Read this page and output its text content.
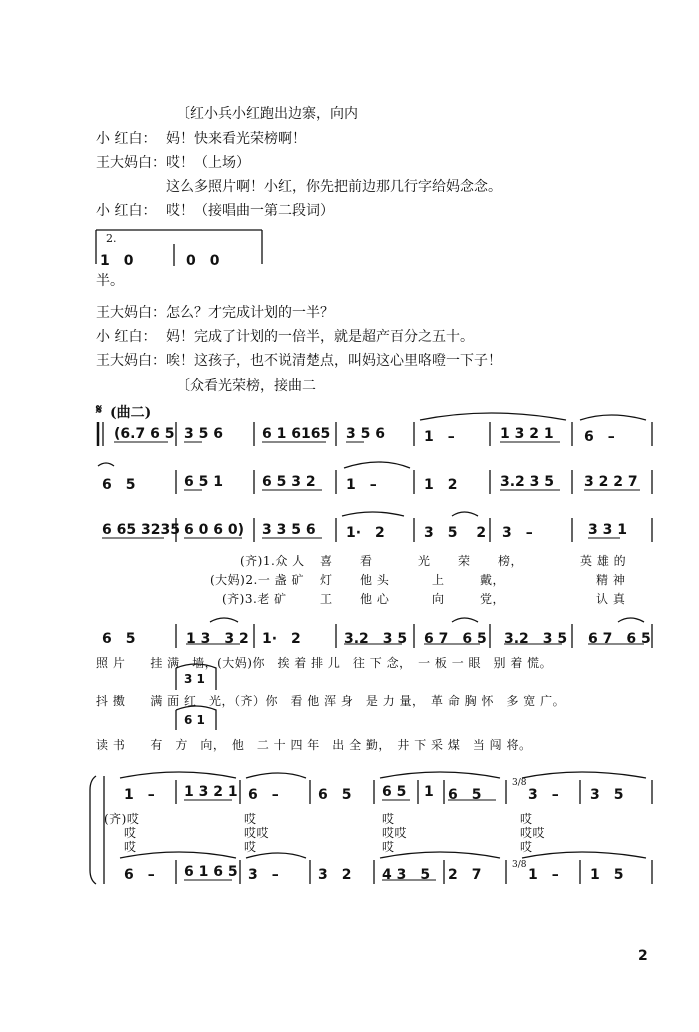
〔红小兵小红跑出边寨，向内
小 红白： 妈！快来看光荣榜啊！
王大妈白： 哎！（上场）
这么多照片啊！小红，你先把前边那几行字给妈念念。
小 红白： 哎！（接唱曲一第二段词）
2.
1　0	0　0
半。
王大妈白： 怎么？才完成计划的一半？
小 红白： 妈！完成了计划的一倍半，就是超产百分之五十。
王大妈白： 唉！这孩子，也不说清楚点，叫妈这心里咯噔一下子！
〔众看光荣榜，接曲二
𝄋 (曲二)
(6.7 6 5 3 5 6	6 1 6165 3 5 6	1　–	1 3 2 1 6　–
6　5	6 5 1	6 5 3 2 1　–	1　2	3.2 3 5 3 2 2 7
6 65 3235 6 0 6 0) 3 3 5 6 1·　2	3　5 2 3　–	3 3 1
(齐)1.众 人 喜 看	光 荣 榜，	英 雄 的
(大妈)2.一 盏 矿 灯 他 头	上	戴，	精 神
(齐)3.老 矿	工 他 心	向	党，	认 真
6　5	1 3　3 2 1·　2	3.2　3 5 6 7　6 5 3.2　3 5 6 7　6 5
照 片　　挂 满　墙，(大妈)你　挨 着 排 儿　往 下 念，　一 板 一 眼　别 着 慌。
3 1
抖 擞　　满 面 红　光，（齐）你　看 他 浑 身　是 力 量，　革 命 胸 怀　多 宽 广。
6 1
读 书　　有　方　向，　他　二 十 四 年　出 全 勤，　井 下 采 煤　当 闯 将。
1　– 1 3 2 1 6　–	6　5 6 5 1 6　5	3　– 3　5
3/8
(齐)哎	哎	哎	哎
哎	哎哎	哎哎	哎哎
哎	哎	哎	哎
6　– 6 1 6 5 3　–	3　2 4 3　5 2　7	1　– 1　5
3/8
2
